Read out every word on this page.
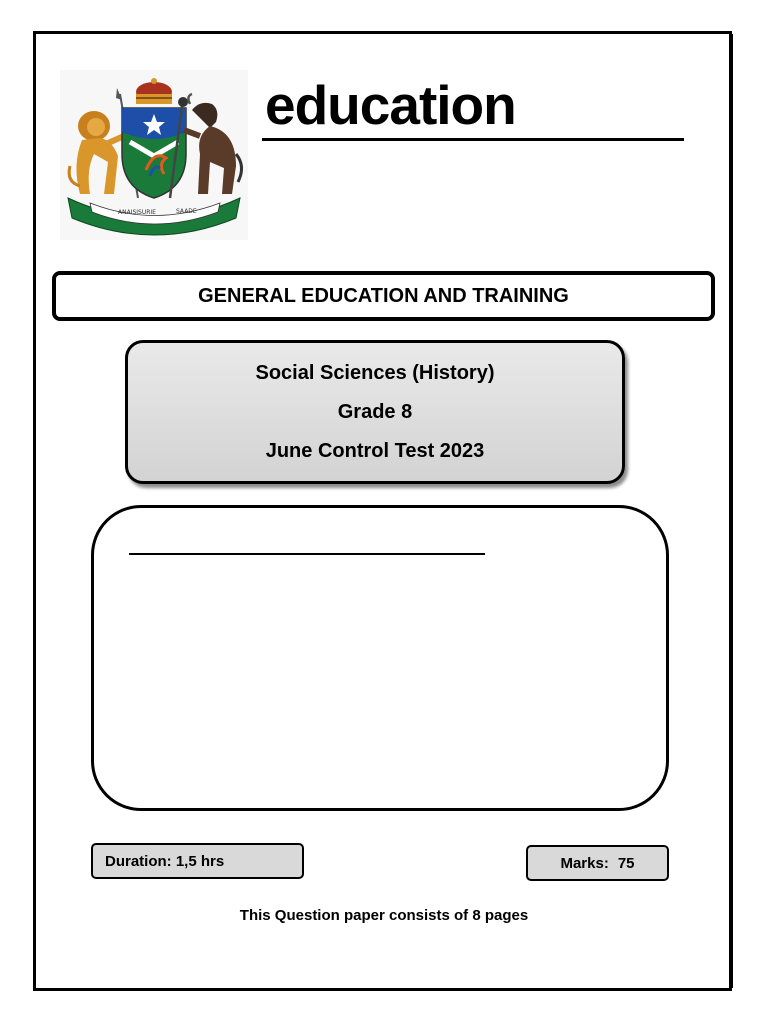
ANAISISURIE	SAADE
education
GENERAL EDUCATION AND TRAINING
Social Sciences (History)
Grade 8
June Control Test 2023
Duration: 1,5 hrs	Marks: 75
This Question paper consists of 8 pages
